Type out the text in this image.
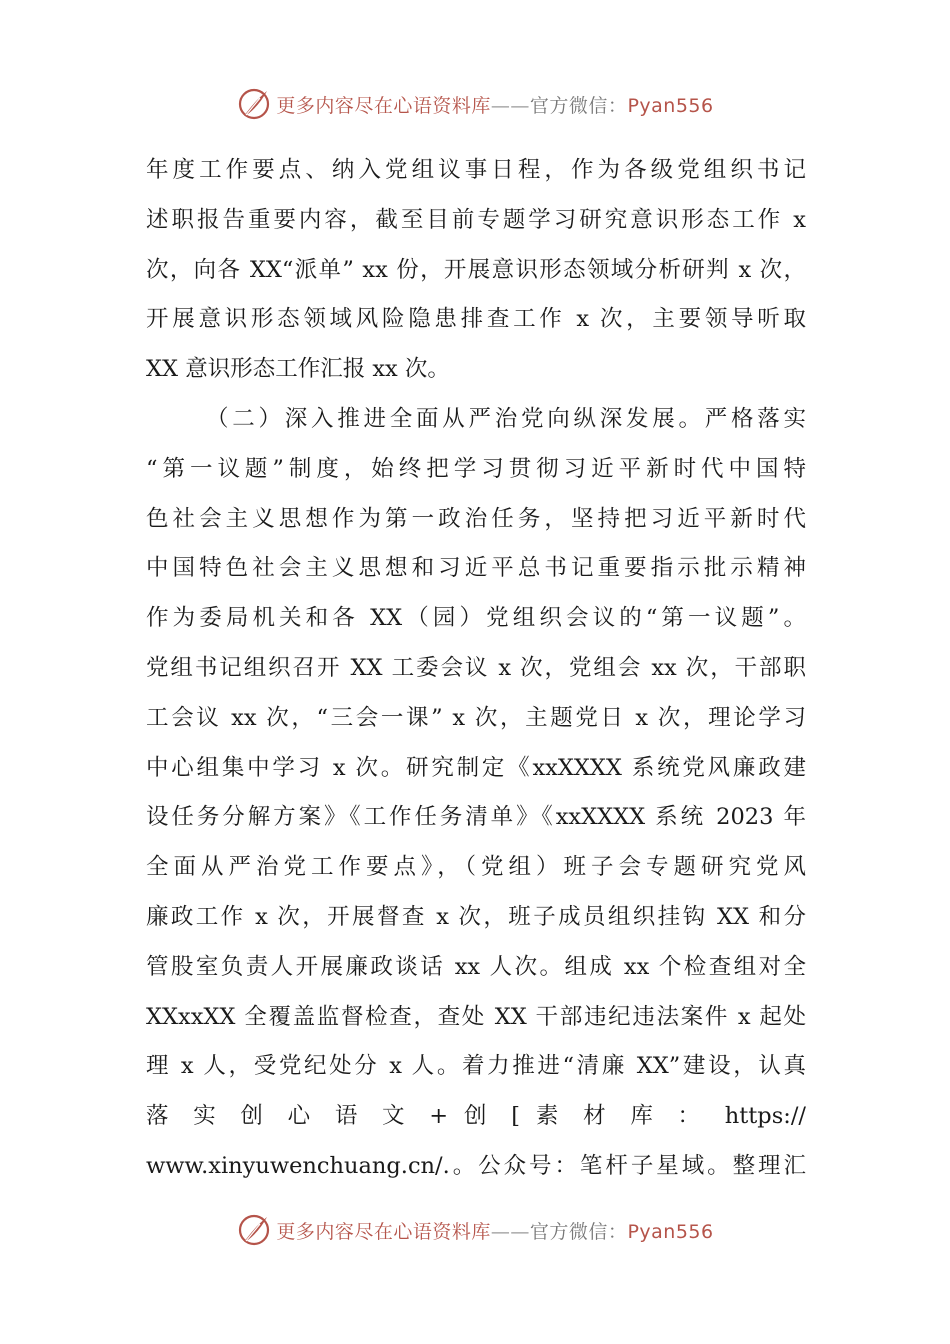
更多内容尽在心语资料库——官方微信：Pyan556
年度工作要点、纳入党组议事日程，作为各级党组织书记
述职报告重要内容，截至目前专题学习研究意识形态工作 x
次，向各 XX“派单” xx 份，开展意识形态领域分析研判 x 次，
开展意识形态领域风险隐患排查工作 x 次，主要领导听取
XX 意识形态工作汇报 xx 次。
（二）深入推进全面从严治党向纵深发展。严格落实
“第一议题”制度，始终把学习贯彻习近平新时代中国特
色社会主义思想作为第一政治任务，坚持把习近平新时代
中国特色社会主义思想和习近平总书记重要指示批示精神
作为委局机关和各 XX（园）党组织会议的“第一议题”。
党组书记组织召开 XX 工委会议 x 次，党组会 xx 次，干部职
工会议 xx 次，“三会一课” x 次，主题党日 x 次，理论学习
中心组集中学习 x 次。研究制定《xxXXXX 系统党风廉政建
设任务分解方案》《工作任务清单》《xxXXXX 系统 2023 年
全面从严治党工作要点》，（党组）班子会专题研究党风
廉政工作 x 次，开展督查 x 次，班子成员组织挂钩 XX 和分
管股室负责人开展廉政谈话 xx 人次。组成 xx 个检查组对全
XXxxXX 全覆盖监督检查，查处 XX 干部违纪违法案件 x 起处
理 x 人，受党纪处分 x 人。着力推进“清廉 XX”建设，认真
落 实 创 心 语 文 + 创 [ 素 材 库 ： https://
www.xinyuwenchuang.cn/.。公众号：笔杆子星域。整理汇
更多内容尽在心语资料库——官方微信：Pyan556
